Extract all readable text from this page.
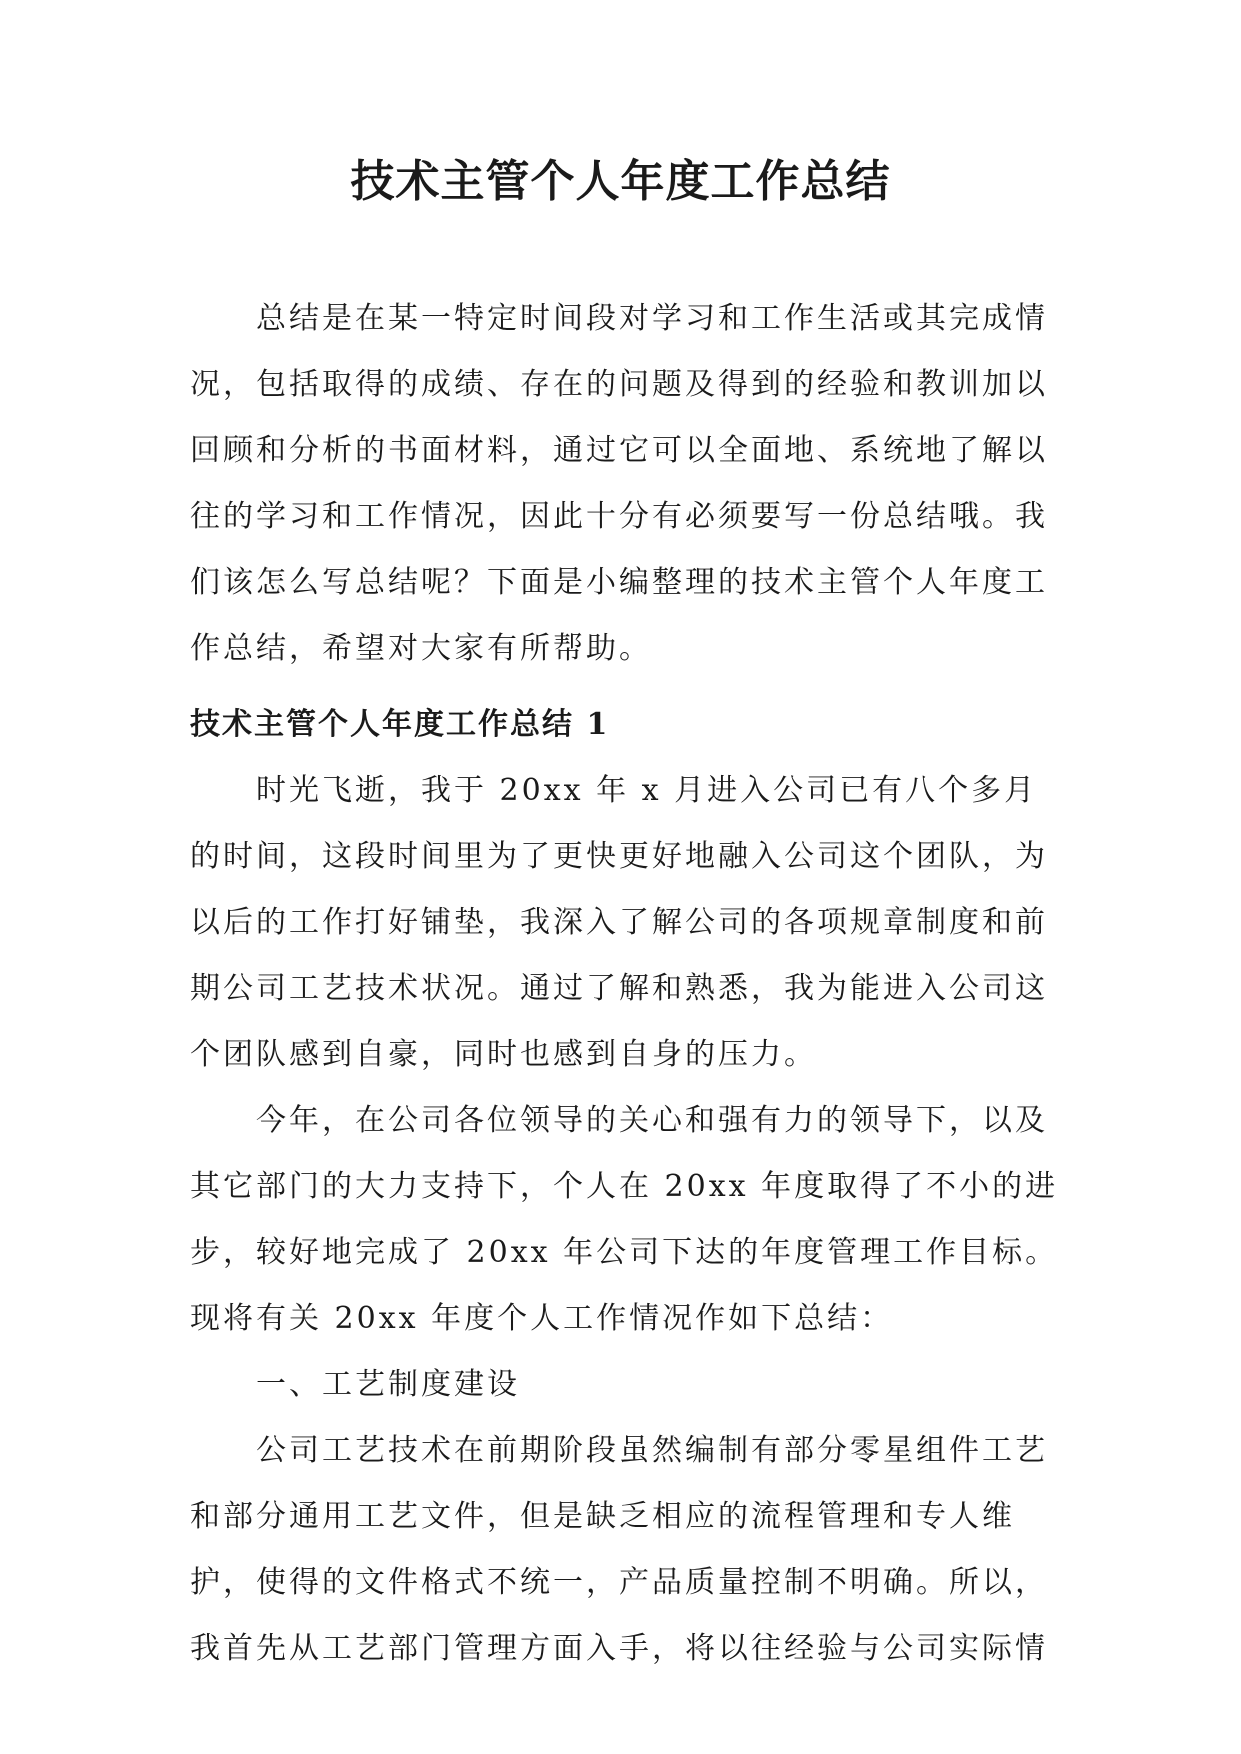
技术主管个人年度工作总结

总结是在某一特定时间段对学习和工作生活或其完成情况，包括取得的成绩、存在的问题及得到的经验和教训加以回顾和分析的书面材料，通过它可以全面地、系统地了解以往的学习和工作情况，因此十分有必须要写一份总结哦。我们该怎么写总结呢？下面是小编整理的技术主管个人年度工作总结，希望对大家有所帮助。

技术主管个人年度工作总结 1

时光飞逝，我于 20xx 年 x 月进入公司已有八个多月的时间，这段时间里为了更快更好地融入公司这个团队，为以后的工作打好铺垫，我深入了解公司的各项规章制度和前期公司工艺技术状况。通过了解和熟悉，我为能进入公司这个团队感到自豪，同时也感到自身的压力。

今年，在公司各位领导的关心和强有力的领导下，以及其它部门的大力支持下，个人在 20xx 年度取得了不小的进步，较好地完成了 20xx 年公司下达的年度管理工作目标。现将有关 20xx 年度个人工作情况作如下总结：

一、工艺制度建设

公司工艺技术在前期阶段虽然编制有部分零星组件工艺和部分通用工艺文件，但是缺乏相应的流程管理和专人维护，使得的文件格式不统一，产品质量控制不明确。所以，我首先从工艺部门管理方面入手，将以往经验与公司实际情
